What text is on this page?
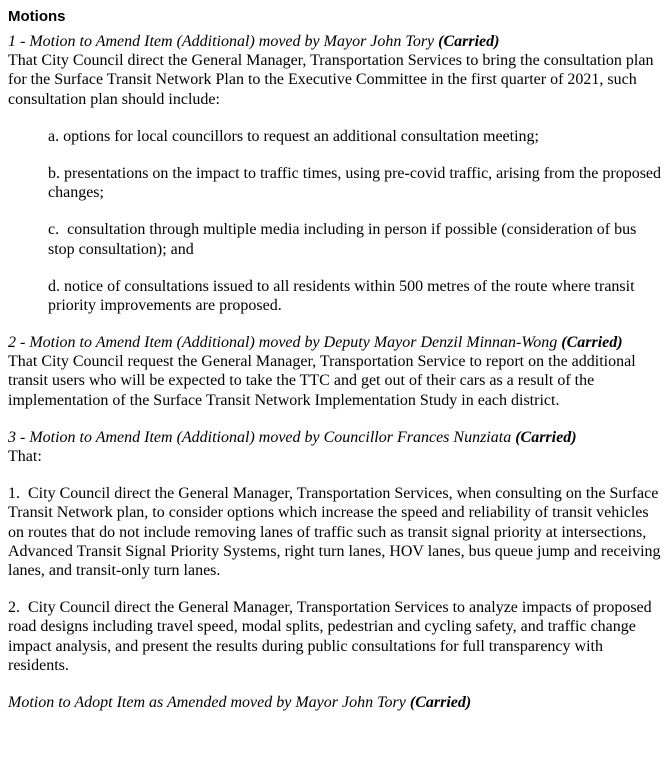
Motions

1 - Motion to Amend Item (Additional) moved by Mayor John Tory (Carried)
That City Council direct the General Manager, Transportation Services to bring the consultation plan for the Surface Transit Network Plan to the Executive Committee in the first quarter of 2021, such consultation plan should include:

a. options for local councillors to request an additional consultation meeting;

b. presentations on the impact to traffic times, using pre-covid traffic, arising from the proposed changes;

c.  consultation through multiple media including in person if possible (consideration of bus stop consultation); and

d. notice of consultations issued to all residents within 500 metres of the route where transit priority improvements are proposed.

2 - Motion to Amend Item (Additional) moved by Deputy Mayor Denzil Minnan-Wong (Carried)
That City Council request the General Manager, Transportation Service to report on the additional transit users who will be expected to take the TTC and get out of their cars as a result of the implementation of the Surface Transit Network Implementation Study in each district.

3 - Motion to Amend Item (Additional) moved by Councillor Frances Nunziata (Carried)
That:

1.  City Council direct the General Manager, Transportation Services, when consulting on the Surface Transit Network plan, to consider options which increase the speed and reliability of transit vehicles on routes that do not include removing lanes of traffic such as transit signal priority at intersections, Advanced Transit Signal Priority Systems, right turn lanes, HOV lanes, bus queue jump and receiving lanes, and transit-only turn lanes.

2.  City Council direct the General Manager, Transportation Services to analyze impacts of proposed road designs including travel speed, modal splits, pedestrian and cycling safety, and traffic change impact analysis, and present the results during public consultations for full transparency with residents.

Motion to Adopt Item as Amended moved by Mayor John Tory (Carried)
